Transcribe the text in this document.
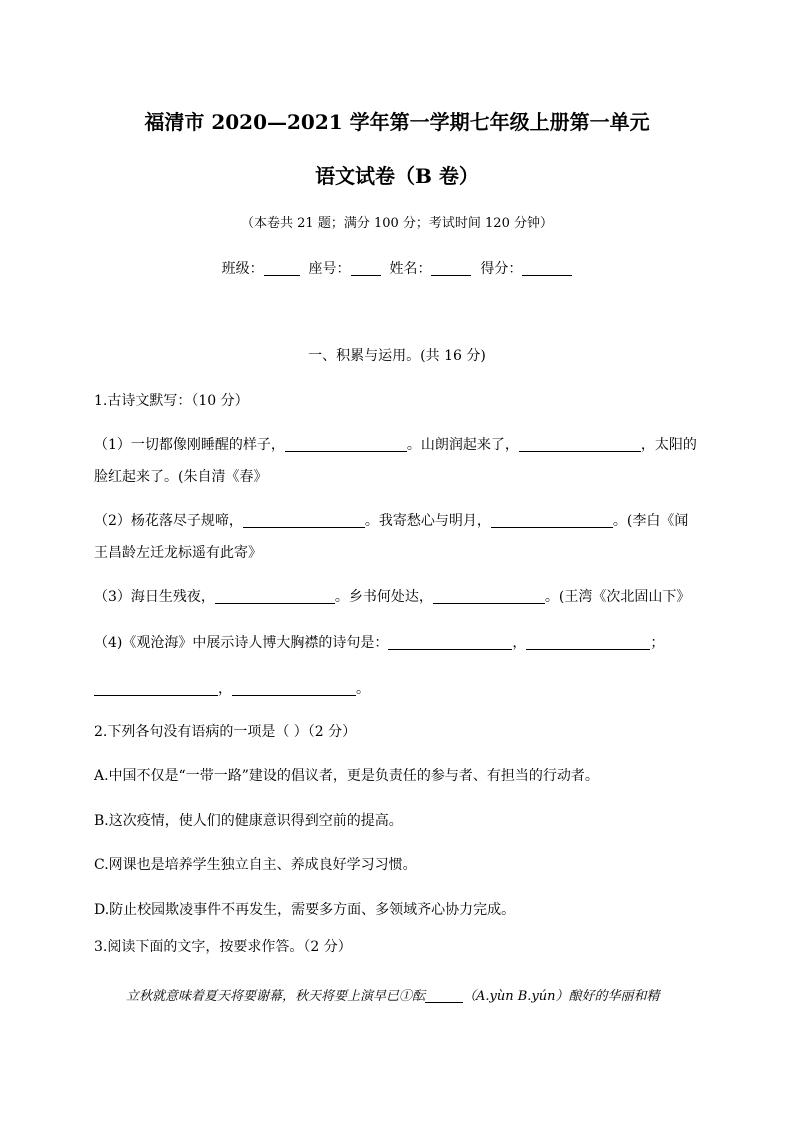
福清市 2020—2021 学年第一学期七年级上册第一单元
语文试卷（B 卷）
（本卷共 21 题；满分 100 分；考试时间 120 分钟）
班级：	座号：	姓名：	得分：
一、积累与运用。(共 16 分)
1.古诗文默写：（10 分）
（1）一切都像刚睡醒的样子，	。山朗润起来了，	，太阳的
脸红起来了。(朱自清《春》
（2）杨花落尽子规啼，	。我寄愁心与明月，	。(李白《闻
王昌龄左迁龙标遥有此寄》
（3）海日生残夜，	。乡书何处达，	。(王湾《次北固山下》
（4)《观沧海》中展示诗人博大胸襟的诗句是：	，	；
，	。
2.下列各句没有语病的一项是（ ）（2 分）
A.中国不仅是“一带一路”建设的倡议者，更是负责任的参与者、有担当的行动者。
B.这次疫情，使人们的健康意识得到空前的提高。
C.网课也是培养学生独立自主、养成良好学习习惯。
D.防止校园欺凌事件不再发生，需要多方面、多领域齐心协力完成。
3.阅读下面的文字，按要求作答。（2 分）
立秋就意味着夏天将要谢幕，秋天将要上演早已①酝	（A.yùn B.yún）酿好的华丽和精
